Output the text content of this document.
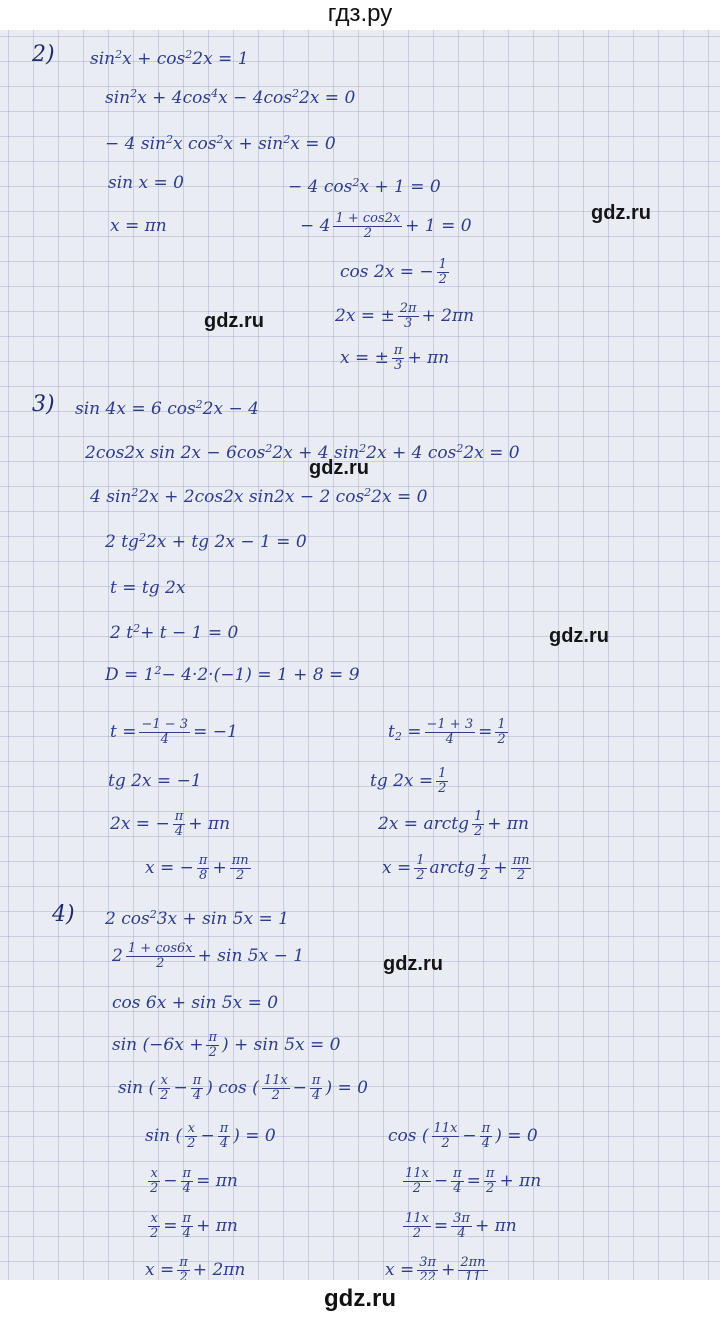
гдз.ру
gdz.ru
gdz.ru
gdz.ru
gdz.ru
gdz.ru
2) $\sin^2x + \cos^22x = 1$
$\sin^2x + 4\cos^4x - 4\cos^22x = 0$
− 4 $\sin^2x$ $\cos^2x + \sin^2x = 0$
sin x = 0
x = πn
− 4 $\cos^2x + 1 = 0$
− $4 \frac{1 + \cos 2x}{2} + 1 = 0$
cos 2x = − $\frac{1}{2}$
2x = ± $\frac{2\pi}{3} + 2\pi n$
x = ± $\frac{\pi}{3} + \pi n$
3) sin 4x = 6 $\cos^22x - 4$
2cos2x $\sin 2x - 6\cos^22x + 4$ $\sin^22x + 4$ $\cos^22x = 0$
4 $\sin^22x + 2\cos 2x$ sin2x − 2 $\cos^22x = 0$
2 $tg^22x$ + tg 2x − 1 = 0
t = tg 2x
2 $t^2+ t - 1 = 0$
$D = 1^2- 4\cdot 2\cdot(-1) = 1 + 8 = 9$
$t = \frac{-1 - 3}{4} = -1$	$t_2 = \frac{-1 + 3}{4} = \frac{1}{2}$
tg 2x = −1
2x = − $\frac{\pi}{4} + \pi n$
x = − $\frac{\pi}{8} + \frac{\pi n}{2}$
tg $2x = \frac{1}{2}$
2x = arctg $\frac{1}{2} + \pi n$
$x = \frac{1}{2}$ arctg $\frac{1}{2} + \frac{\pi n}{2}$
4) 2 $\cos^23x + \sin 5x = 1$
$2 \frac{1 + \cos 6x}{2} + \sin 5x - 1$
cos 6x + sin 5x = 0
$\sin (-6x + \frac{\pi}{2}$ ) + sin 5x = 0
sin ( $\frac{x}{2} - \frac{\pi}{4}$ ) cos ( $\frac{11x}{2} - \frac{\pi}{4}$ ) = 0
sin ( $\frac{x}{2} - \frac{\pi}{4}$ ) = 0
$\frac{x}{2} - \frac{\pi}{4} = \pi n$
$\frac{x}{2} = \frac{\pi}{4} + \pi n$
$x = \frac{\pi}{2} + 2\pi n$
cos ( $\frac{11x}{2} - \frac{\pi}{4}$ ) = 0
$\frac{11x}{2} - \frac{\pi}{4} = \frac{\pi}{2} + \pi n$
$\frac{11x}{2} = \frac{3\pi}{4} + \pi n$
$x = \frac{3\pi}{22} + \frac{2\pi n}{11}$
gdz.ru
